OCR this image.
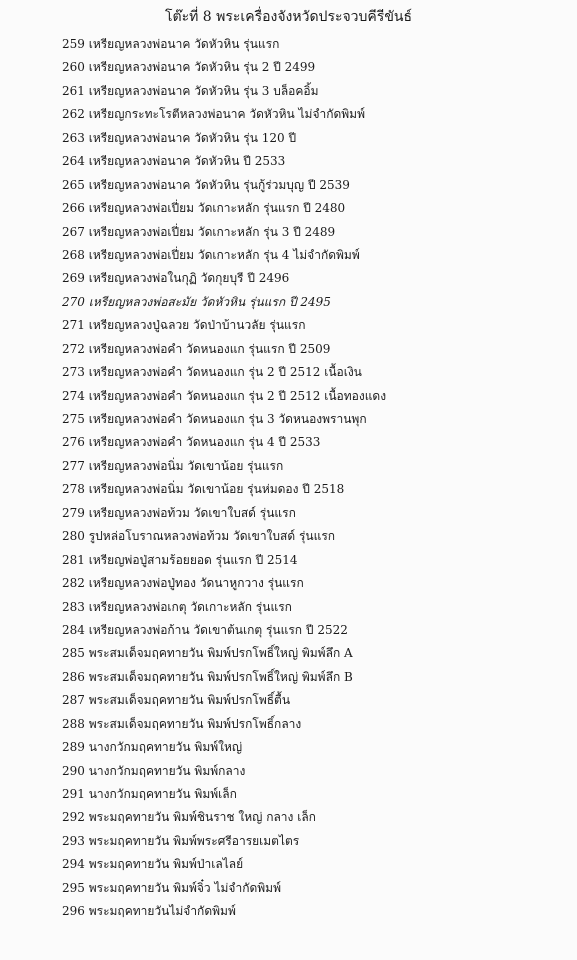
โต๊ะที่ 8 พระเครื่องจังหวัดประจวบคีรีขันธ์
259 เหรียญหลวงพ่อนาค วัดหัวหิน รุ่นแรก
260 เหรียญหลวงพ่อนาค วัดหัวหิน รุ่น 2 ปี 2499
261 เหรียญหลวงพ่อนาค วัดหัวหิน รุ่น 3 บล็อคอิ้ม
262 เหรียญกระทะโรตีหลวงพ่อนาค วัดหัวหิน ไม่จำกัดพิมพ์
263 เหรียญหลวงพ่อนาค วัดหัวหิน รุ่น 120 ปี
264 เหรียญหลวงพ่อนาค วัดหัวหิน ปี 2533
265 เหรียญหลวงพ่อนาค วัดหัวหิน รุ่นกู้ร่วมบุญ ปี 2539
266 เหรียญหลวงพ่อเปี่ยม วัดเกาะหลัก รุ่นแรก ปี 2480
267 เหรียญหลวงพ่อเปี่ยม วัดเกาะหลัก รุ่น 3 ปี 2489
268 เหรียญหลวงพ่อเปี่ยม วัดเกาะหลัก รุ่น 4 ไม่จำกัดพิมพ์
269 เหรียญหลวงพ่อในกุฏิ วัดกุยบุรี ปี 2496
270 เหรียญหลวงพ่อสะมัย วัดหัวหิน รุ่นแรก ปี 2495
271 เหรียญหลวงปู่ฉลวย วัดป่าบ้านวลัย รุ่นแรก
272 เหรียญหลวงพ่อคำ วัดหนองแก รุ่นแรก ปี 2509
273 เหรียญหลวงพ่อคำ วัดหนองแก รุ่น 2 ปี 2512 เนื้อเงิน
274 เหรียญหลวงพ่อคำ วัดหนองแก รุ่น 2 ปี 2512 เนื้อทองแดง
275 เหรียญหลวงพ่อคำ วัดหนองแก รุ่น 3 วัดหนองพรานพุก
276 เหรียญหลวงพ่อคำ วัดหนองแก รุ่น 4 ปี 2533
277 เหรียญหลวงพ่อนิ่ม วัดเขาน้อย รุ่นแรก
278 เหรียญหลวงพ่อนิ่ม วัดเขาน้อย รุ่นห่มดอง ปี 2518
279 เหรียญหลวงพ่อท้วม วัดเขาใบสด์ รุ่นแรก
280 รูปหล่อโบราณหลวงพ่อท้วม วัดเขาใบสด์ รุ่นแรก
281 เหรียญพ่อปู่สามร้อยยอด รุ่นแรก ปี 2514
282 เหรียญหลวงพ่อปู่ทอง วัดนาหูกวาง รุ่นแรก
283 เหรียญหลวงพ่อเกตุ วัดเกาะหลัก รุ่นแรก
284 เหรียญหลวงพ่อก้าน วัดเขาต้นเกตุ รุ่นแรก ปี 2522
285 พระสมเด็จมฤคทายวัน พิมพ์ปรกโพธิ์ใหญ่ พิมพ์ลึก A
286 พระสมเด็จมฤคทายวัน พิมพ์ปรกโพธิ์ใหญ่ พิมพ์ลึก B
287 พระสมเด็จมฤคทายวัน พิมพ์ปรกโพธิ์ตื้น
288 พระสมเด็จมฤคทายวัน พิมพ์ปรกโพธิ์กลาง
289 นางกวักมฤคทายวัน พิมพ์ใหญ่
290 นางกวักมฤคทายวัน พิมพ์กลาง
291 นางกวักมฤคทายวัน พิมพ์เล็ก
292 พระมฤคทายวัน พิมพ์ชินราช ใหญ่ กลาง เล็ก
293 พระมฤคทายวัน พิมพ์พระศรีอารยเมตไตร
294 พระมฤคทายวัน พิมพ์ป่าเลไลย์
295 พระมฤคทายวัน พิมพ์จิ๋ว ไม่จำกัดพิมพ์
296 พระมฤคทายวันไม่จำกัดพิมพ์
